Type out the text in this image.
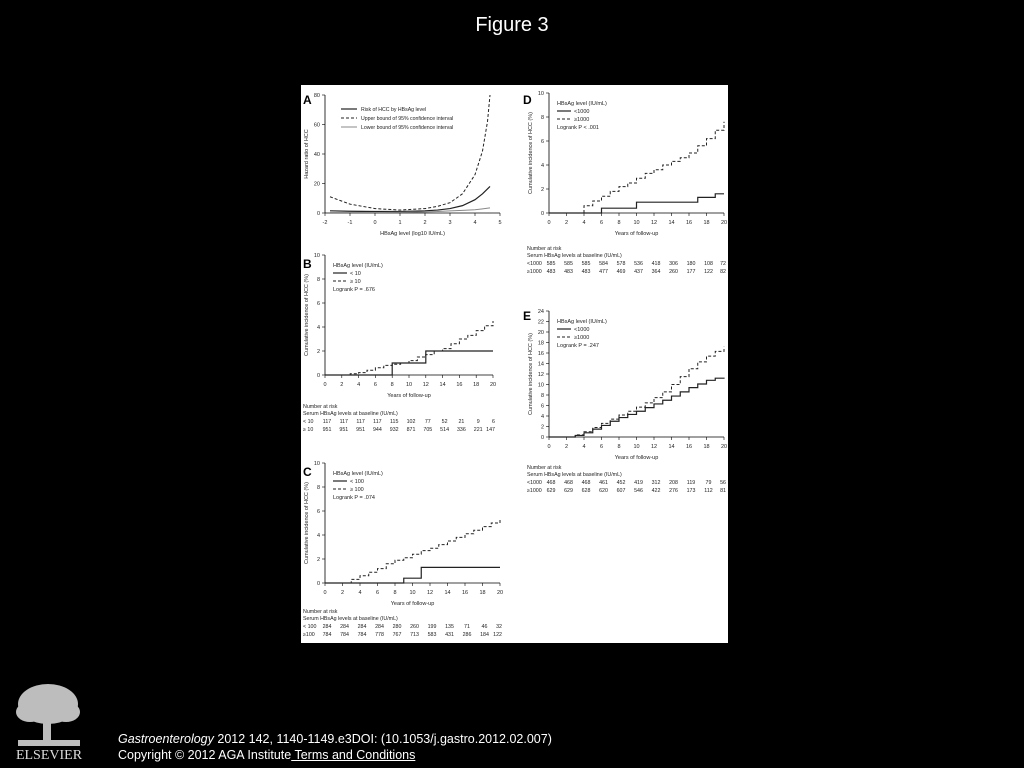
Figure 3
A
-2	-1	0	1	2	3	4	5
0
20
40
60
80
HBsAg level (log10 IU/mL)
Hazard ratio of HCC
Risk of HCC by HBsAg level
Upper bound of 95% confidence interval
Lower bound of 95% confidence interval
B
0 2 4 6 8 10 12 14 16 18 20
0
2
4
6
8
10
Years of follow-up
Cumulative incidence of HCC (%)
HBsAg level (IU/mL)
< 10
≥ 10
Logrank P = .676
Number at risk
Serum HBsAg levels at baseline (IU/mL)
< 10 117 117 117 117 115 102 77 52 21 9 6
≥ 10 951 951 951 944 932 871 705 514 336 221 147
C
0	2	4	6	8 10 12 14 16 18 20
0
2
4
6
8
10
Years of follow-up
Cumulative incidence of HCC (%)
HBsAg level (IU/mL)
< 100
≥ 100
Logrank P = .074
Number at risk
Serum HBsAg levels at baseline (IU/mL)
< 100 284 284 284 284 280 260 199 135 71 46 32
≥100 784 784 784 778 767 713 583 431 286 184 122
D
0	2	4	6	8 10 12 14 16 18 20
0
2
4
6
8
10
Years of follow-up
Cumulative incidence of HCC (%)
HBsAg level (IU/mL)
<1000
≥1000
Logrank P < .001
Number at risk
Serum HBsAg levels at baseline (IU/mL)
<1000 585 585 585 584 578 536 418 306 180 108 72
≥1000 483 483 483 477 469 437 364 260 177 122 82
E
0	2	4	6	8 10 12 14 16 18 20
0
2
4
6
8
10
12
14
16
18
20
22
24
Years of follow-up
Cumulative incidence of HCC (%)
HBsAg level (IU/mL)
<1000
≥1000
Logrank P = .247
Number at risk
Serum HBsAg levels at baseline (IU/mL)
<1000 468 468 468 461 452 419 312 208 119 79 56
≥1000 629 629 628 620 607 546 422 276 173 112 81
ELSEVIER
Gastroenterology 2012 142, 1140-1149.e3DOI: (10.1053/j.gastro.2012.02.007)
Copyright © 2012 AGA Institute Terms and Conditions
